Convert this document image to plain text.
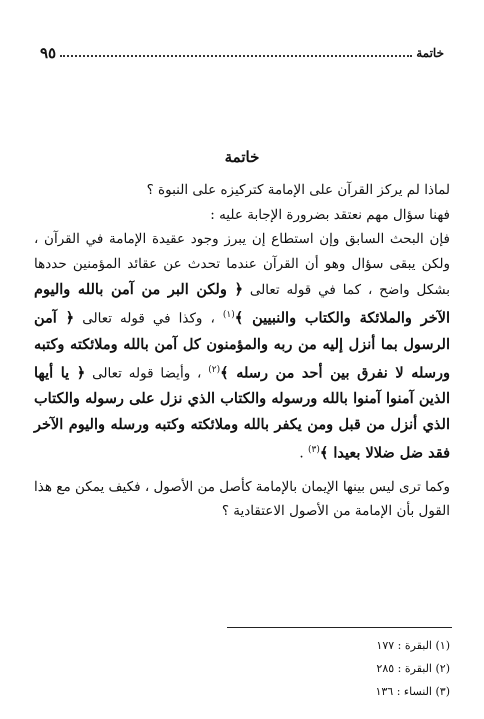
خاتمة
٩٥
خاتمة

لماذا لم يركز القرآن على الإمامة كتركيزه على النبوة ؟

فهنا سؤال مهم نعتقد بضرورة الإجابة عليه :

فإن البحث السابق وإن استطاع إن يبرز وجود عقيدة الإمامة في القرآن ، ولكن يبقى سؤال وهو أن القرآن عندما تحدث عن عقائد المؤمنين حددها بشكل واضح ، كما في قوله تعالى ﴿ ولكن البر من آمن بالله واليوم الآخر والملائكة والكتاب والنبيين ﴾$^{(١)}$ ، وكذا في قوله تعالى ﴿ آمن الرسول بما أنزل إليه من ربه والمؤمنون كل آمن بالله وملائكته وكتبه ورسله لا نفرق بين أحد من رسله ﴾$^{(٢)}$ ، وأيضا قوله تعالى ﴿ يا أيها الذين آمنوا آمنوا بالله ورسوله والكتاب الذي نزل على رسوله والكتاب الذي أنزل من قبل ومن يكفر بالله وملائكته وكتبه ورسله واليوم الآخر فقد ضل ضلالا بعيدا ﴾$^{(٣)}$ .

وكما ترى ليس بينها الإيمان بالإمامة كأصل من الأصول ، فكيف يمكن مع هذا القول بأن الإمامة من الأصول الاعتقادية ؟

(١) البقرة : ١٧٧
(٢) البقرة : ٢٨٥
(٣) النساء : ١٣٦
